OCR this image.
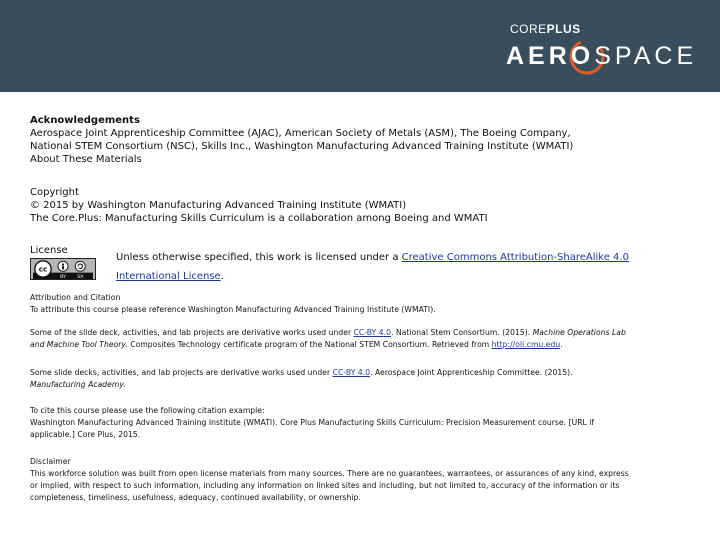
COREPLUS
AEROSPACE
Acknowledgements
Aerospace Joint Apprenticeship Committee (AJAC), American Society of Metals (ASM), The Boeing Company,
National STEM Consortium (NSC), Skills Inc., Washington Manufacturing Advanced Training Institute (WMATI)
About These Materials
Copyright
© 2015 by Washington Manufacturing Advanced Training Institute (WMATI)
The Core.Plus: Manufacturing Skills Curriculum is a collaboration among Boeing and WMATI
License
cc
BY SA
Unless otherwise specified, this work is licensed under a Creative Commons Attribution-ShareAlike 4.0
International License.
Attribution and Citation
To attribute this course please reference Washington Manufacturing Advanced Training Institute (WMATI).
Some of the slide deck, activities, and lab projects are derivative works used under CC-BY 4.0. National Stem Consortium. (2015). Machine Operations Lab
and Machine Tool Theory. Composites Technology certificate program of the National STEM Consortium. Retrieved from http://oli.cmu.edu.
Some slide decks, activities, and lab projects are derivative works used under CC-BY 4.0. Aerospace Joint Apprenticeship Committee. (2015).
Manufacturing Academy.
To cite this course please use the following citation example:
Washington Manufacturing Advanced Training Institute (WMATI). Core Plus Manufacturing Skills Curriculum: Precision Measurement course. [URL if
applicable.] Core Plus, 2015.
Disclaimer
This workforce solution was built from open license materials from many sources. There are no guarantees, warrantees, or assurances of any kind, express
or implied, with respect to such information, including any information on linked sites and including, but not limited to, accuracy of the information or its
completeness, timeliness, usefulness, adequacy, continued availability, or ownership.
